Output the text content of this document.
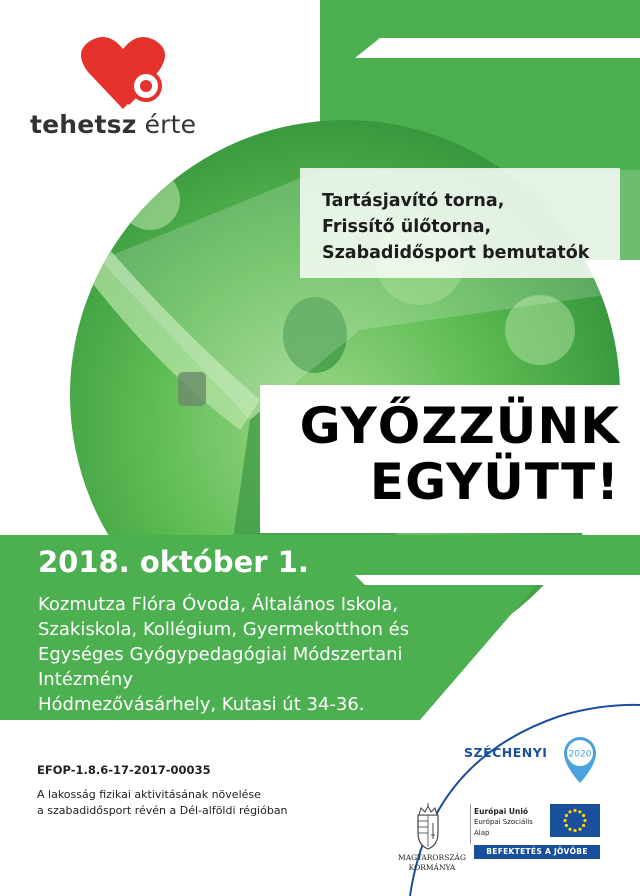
tehetsz érte

Tartásjavító torna,

Frissítő ülőtorna,

Szabadidősport bemutatók

GYŐZZÜNK
EGYÜTT!
2018. október 1.

Kozmutza Flóra Óvoda, Általános Iskola,

Szakiskola, Kollégium, Gyermekotthon és

Egységes Gyógypedagógiai Módszertani

Intézmény

Hódmezővásárhely, Kutasi út 34-36.

EFOP-1.8.6-17-2017-00035

A lakosság fizikai aktivitásának növelése

a szabadidősport révén a Dél-alföldi régióban

SZÉCHENYI 2020
MAGYARORSZÁG
KORMÁNYA
Európai Unió
Európai Szociális
Alap
BEFEKTETÉS A JÖVŐBE
